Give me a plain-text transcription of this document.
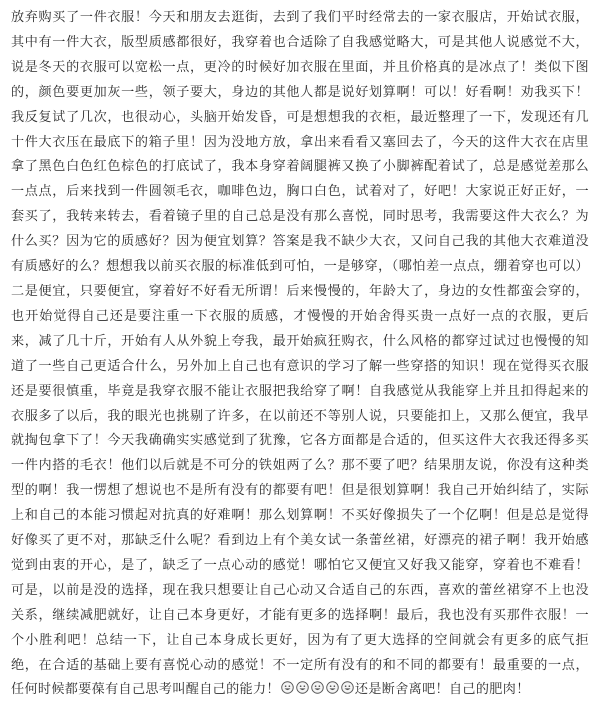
放弃购买了一件衣服！今天和朋友去逛街，去到了我们平时经常去的一家衣服店，开始试衣服，其中有一件大衣，版型质感都很好，我穿着也合适除了自我感觉略大，可是其他人说感觉不大，说是冬天的衣服可以宽松一点，更冷的时候好加衣服在里面，并且价格真的是冰点了！类似下图的，颜色要更加灰一些，领子要大，身边的其他人都是说好划算啊！可以！好看啊！劝我买下！我反复试了几次，也很动心，头脑开始发昏，可是想想我的衣柜，最近整理了一下，发现还有几十件大衣压在最底下的箱子里！因为没地方放，拿出来看看又塞回去了，今天的这件大衣在店里拿了黑色白色红色棕色的打底试了，我本身穿着阔腿裤又换了小脚裤配着试了，总是感觉差那么一点点，后来找到一件圆领毛衣，咖啡色边，胸口白色，试着对了，好吧！大家说正好正好，一套买了，我转来转去，看着镜子里的自己总是没有那么喜悦，同时思考，我需要这件大衣么？为什么买？因为它的质感好？因为便宜划算？答案是我不缺少大衣，又问自己我的其他大衣难道没有质感好的么？想想我以前买衣服的标准低到可怕，一是够穿，（哪怕差一点点，绷着穿也可以）二是便宜，只要便宜，穿着好不好看无所谓！后来慢慢的，年龄大了，身边的女性都蛮会穿的，也开始觉得自己还是要注重一下衣服的质感，才慢慢的开始舍得买贵一点好一点的衣服，更后来，减了几十斤，开始有人从外貌上夸我，最开始疯狂购衣，什么风格的都穿过试过也慢慢的知道了一些自己更适合什么，另外加上自己也有意识的学习了解一些穿搭的知识！现在觉得买衣服还是要很慎重，毕竟是我穿衣服不能让衣服把我给穿了啊！自我感觉从我能穿上并且扣得起来的衣服多了以后，我的眼光也挑剔了许多，在以前还不等别人说，只要能扣上，又那么便宜，我早就掏包拿下了！今天我确确实实感觉到了犹豫，它各方面都是合适的，但买这件大衣我还得多买一件内搭的毛衣！他们以后就是不可分的铁姐两了么？那不要了吧？结果朋友说，你没有这种类型的啊！我一愣想了想说也不是所有没有的都要有吧！但是很划算啊！我自己开始纠结了，实际上和自己的本能习惯起对抗真的好难啊！那么划算啊！不买好像损失了一个亿啊！但是总是觉得好像买了更不对，那缺乏什么呢？看到边上有个美女试一条蕾丝裙，好漂亮的裙子啊！我开始感觉到由衷的开心，是了，缺乏了一点心动的感觉！哪怕它又便宜又好我又能穿，穿着也不难看！可是，以前是没的选择，现在我只想要让自己心动又合适自己的东西，喜欢的蕾丝裙穿不上也没关系，继续减肥就好，让自己本身更好，才能有更多的选择啊！最后，我也没有买那件衣服！一个小胜利吧！总结一下，让自己本身成长更好，因为有了更大选择的空间就会有更多的底气拒绝，在合适的基础上要有喜悦心动的感觉！不一定所有没有的和不同的都要有！最重要的一点，任何时候都要葆有自己思考叫醒自己的能力！	还是断舍离吧！自己的肥肉！
